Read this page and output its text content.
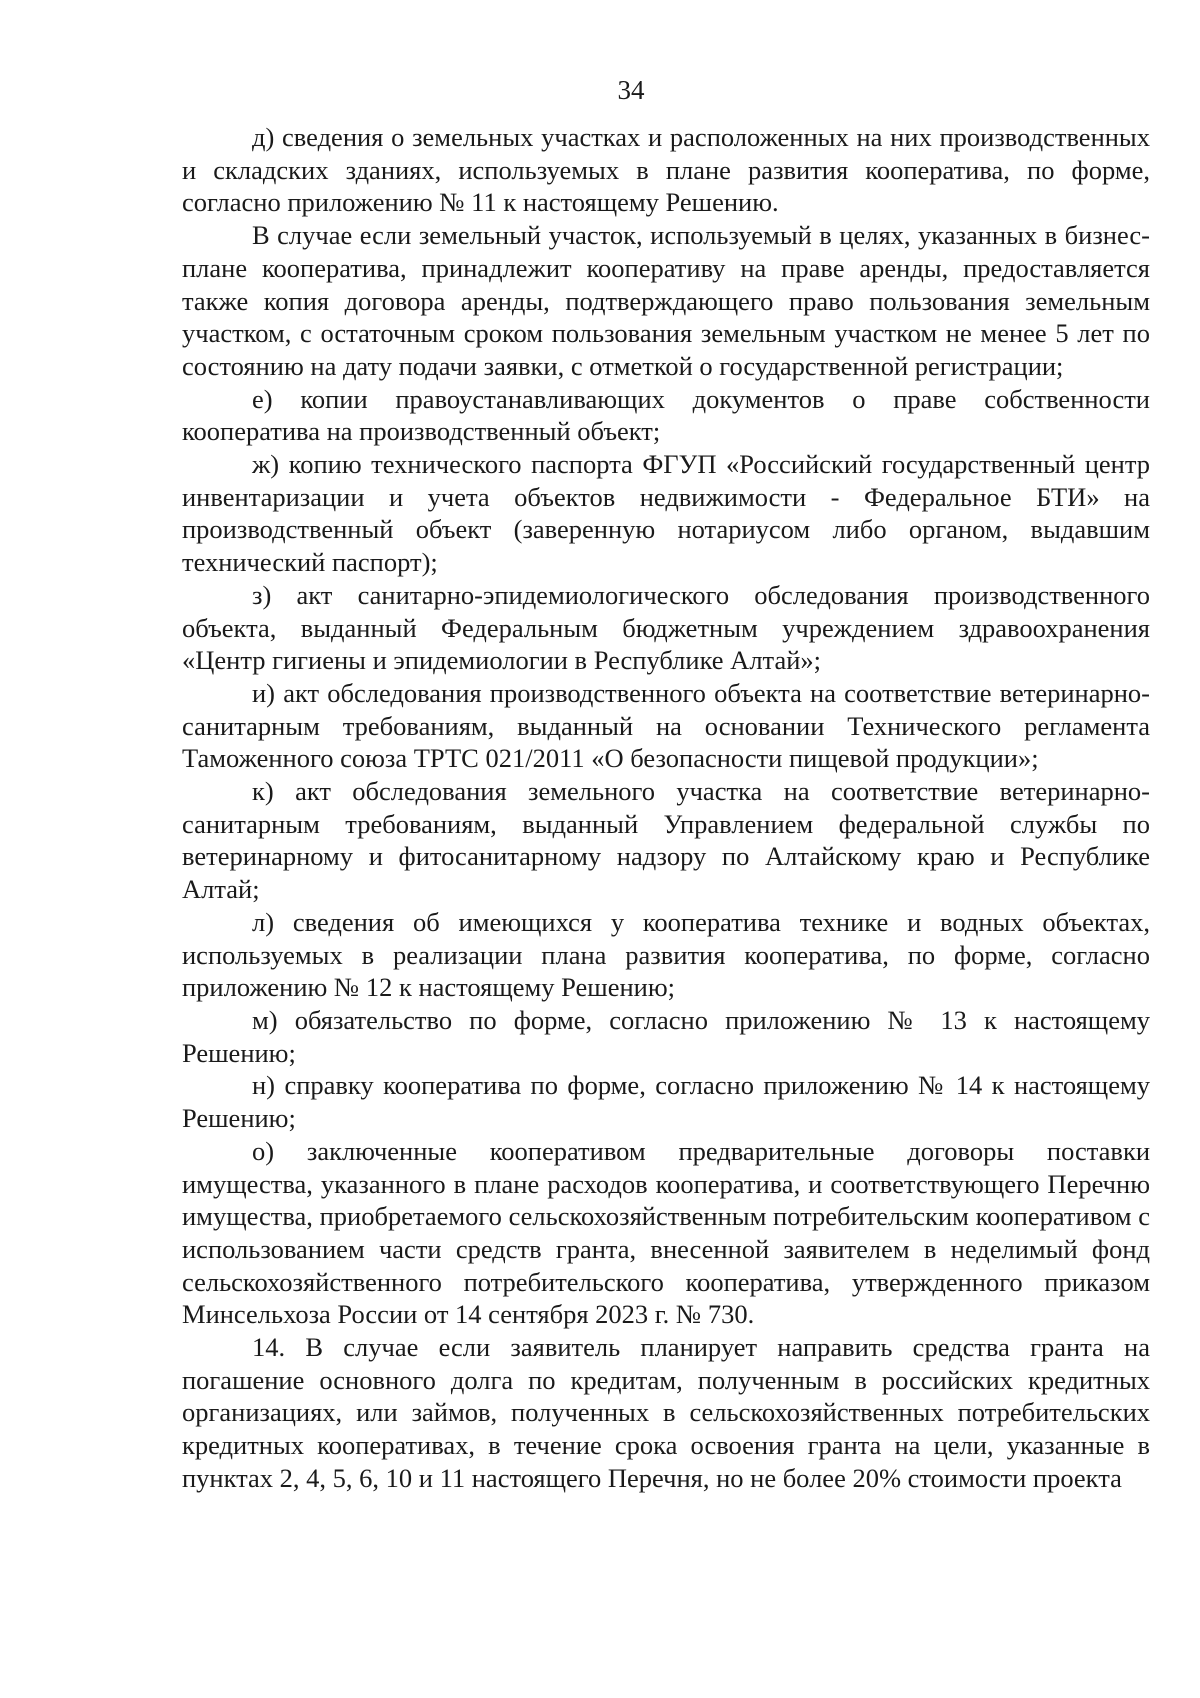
34

д) сведения о земельных участках и расположенных на них производственных и складских зданиях, используемых в плане развития кооператива, по форме, согласно приложению № 11 к настоящему Решению.

В случае если земельный участок, используемый в целях, указанных в бизнес-плане кооператива, принадлежит кооперативу на праве аренды, предоставляется также копия договора аренды, подтверждающего право пользования земельным участком, с остаточным сроком пользования земельным участком не менее 5 лет по состоянию на дату подачи заявки, с отметкой о государственной регистрации;

е) копии правоустанавливающих документов о праве собственности кооператива на производственный объект;

ж) копию технического паспорта ФГУП «Российский государственный центр инвентаризации и учета объектов недвижимости - Федеральное БТИ» на производственный объект (заверенную нотариусом либо органом, выдавшим технический паспорт);

з) акт санитарно-эпидемиологического обследования производственного объекта, выданный Федеральным бюджетным учреждением здравоохранения «Центр гигиены и эпидемиологии в Республике Алтай»;

и) акт обследования производственного объекта на соответствие ветеринарно-санитарным требованиям, выданный на основании Технического регламента Таможенного союза ТРТС 021/2011 «О безопасности пищевой продукции»;

к) акт обследования земельного участка на соответствие ветеринарно-санитарным требованиям, выданный Управлением федеральной службы по ветеринарному и фитосанитарному надзору по Алтайскому краю и Республике Алтай;

л) сведения об имеющихся у кооператива технике и водных объектах, используемых в реализации плана развития кооператива, по форме, согласно приложению № 12 к настоящему Решению;

м) обязательство по форме, согласно приложению № 13 к настоящему Решению;

н) справку кооператива по форме, согласно приложению № 14 к настоящему Решению;

о) заключенные кооперативом предварительные договоры поставки имущества, указанного в плане расходов кооператива, и соответствующего Перечню имущества, приобретаемого сельскохозяйственным потребительским кооперативом с использованием части средств гранта, внесенной заявителем в неделимый фонд сельскохозяйственного потребительского кооператива, утвержденного приказом Минсельхоза России от 14 сентября 2023 г. № 730.

14. В случае если заявитель планирует направить средства гранта на погашение основного долга по кредитам, полученным в российских кредитных организациях, или займов, полученных в сельскохозяйственных потребительских кредитных кооперативах, в течение срока освоения гранта на цели, указанные в пунктах 2, 4, 5, 6, 10 и 11 настоящего Перечня, но не более 20% стоимости проекта
